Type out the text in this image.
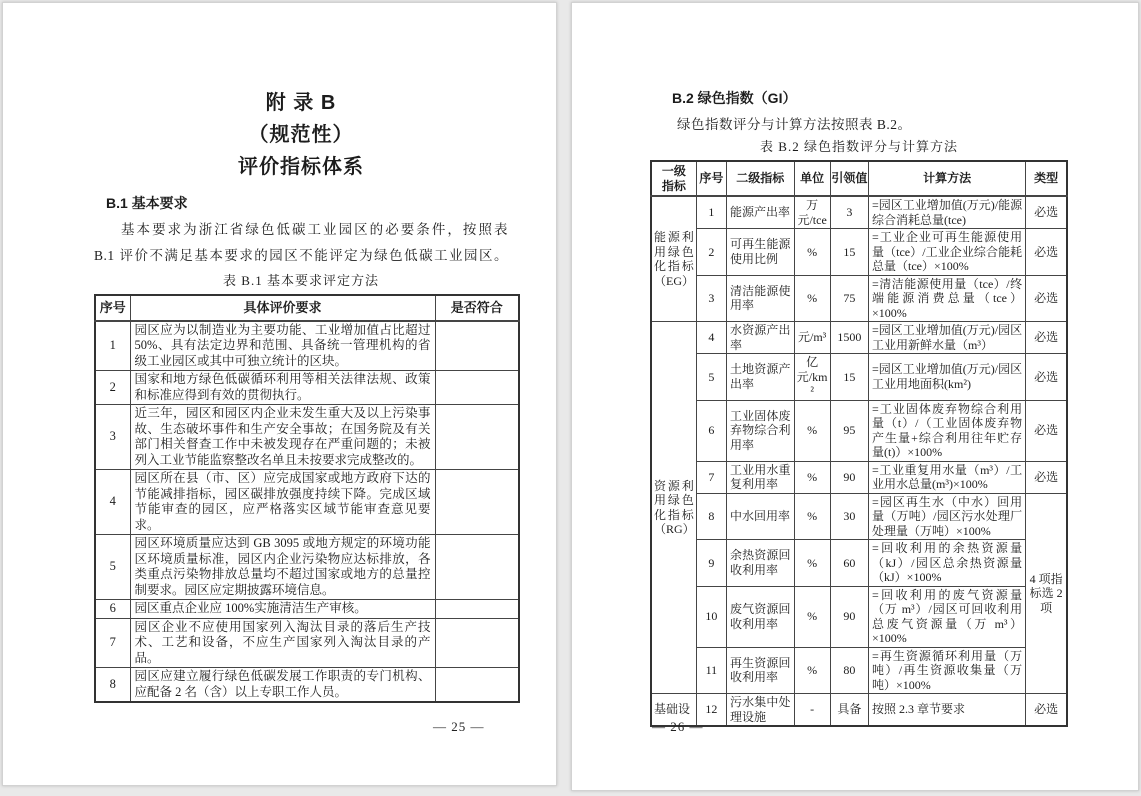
附 录 B
（规范性）
评价指标体系
B.1 基本要求
基本要求为浙江省绿色低碳工业园区的必要条件，按照表
B.1 评价不满足基本要求的园区不能评定为绿色低碳工业园区。
表 B.1 基本要求评定方法
序号	具体评价要求	是否符合
1	园区应为以制造业为主要功能、工业增加值占比超过 50%、具有法定边界和范围、具备统一管理机构的省级工业园区或其中可独立统计的区块。	
2	国家和地方绿色低碳循环利用等相关法律法规、政策和标准应得到有效的贯彻执行。	
3	近三年，园区和园区内企业未发生重大及以上污染事故、生态破坏事件和生产安全事故；在国务院及有关部门相关督查工作中未被发现存在严重问题的；未被列入工业节能监察整改名单且未按要求完成整改的。	
4	园区所在县（市、区）应完成国家或地方政府下达的节能减排指标，园区碳排放强度持续下降。完成区域节能审查的园区，应严格落实区域节能审查意见要求。	
5	园区环境质量应达到 GB 3095 或地方规定的环境功能区环境质量标准，园区内企业污染物应达标排放，各类重点污染物排放总量均不超过国家或地方的总量控制要求。园区应定期披露环境信息。	
6	园区重点企业应 100%实施清洁生产审核。	
7	园区企业不应使用国家列入淘汰目录的落后生产技术、工艺和设备，不应生产国家列入淘汰目录的产品。	
8	园区应建立履行绿色低碳发展工作职责的专门机构、应配备 2 名（含）以上专职工作人员。	
— 25 —
B.2 绿色指数（GI）
绿色指数评分与计算方法按照表 B.2。
表 B.2 绿色指数评分与计算方法
一级
指标	序号	二级指标	单位	引领值	计算方法	类型
能源利用绿色化指标（EG）	1	能源产出率	万元/tce	3	=园区工业增加值(万元)/能源综合消耗总量(tce)	必选
	2	可再生能源使用比例	%	15	=工业企业可再生能源使用量（tce）/工业企业综合能耗总量（tce）×100%	必选
	3	清洁能源使用率	%	75	=清洁能源使用量（tce）/终端能源消费总量（tce）×100%	必选
资源利用绿色化指标（RG）	4	水资源产出率	元/m³	1500	=园区工业增加值(万元)/园区工业用新鲜水量（m³）	必选
	5	土地资源产出率	亿元/km²	15	=园区工业增加值(万元)/园区工业用地面积(km²)	必选
	6	工业固体废弃物综合利用率	%	95	=工业固体废弃物综合利用量（t）/（工业固体废弃物产生量+综合利用往年贮存量(t)）×100%	必选
	7	工业用水重复利用率	%	90	=工业重复用水量（m³）/工业用水总量(m³)×100%	必选
	8	中水回用率	%	30	=园区再生水（中水）回用量（万吨）/园区污水处理厂处理量（万吨）×100%	4 项指标选 2 项
	9	余热资源回收利用率	%	60	=回收利用的余热资源量（kJ）/园区总余热资源量（kJ）×100%	
	10	废气资源回收利用率	%	90	=回收利用的废气资源量（万 m³）/园区可回收利用总废气资源量（万 m³）×100%	
	11	再生资源回收利用率	%	80	=再生资源循环利用量（万吨）/再生资源收集量（万吨）×100%	
基础设	12	污水集中处理设施	-	具备	按照 2.3 章节要求	必选
— 26 —
